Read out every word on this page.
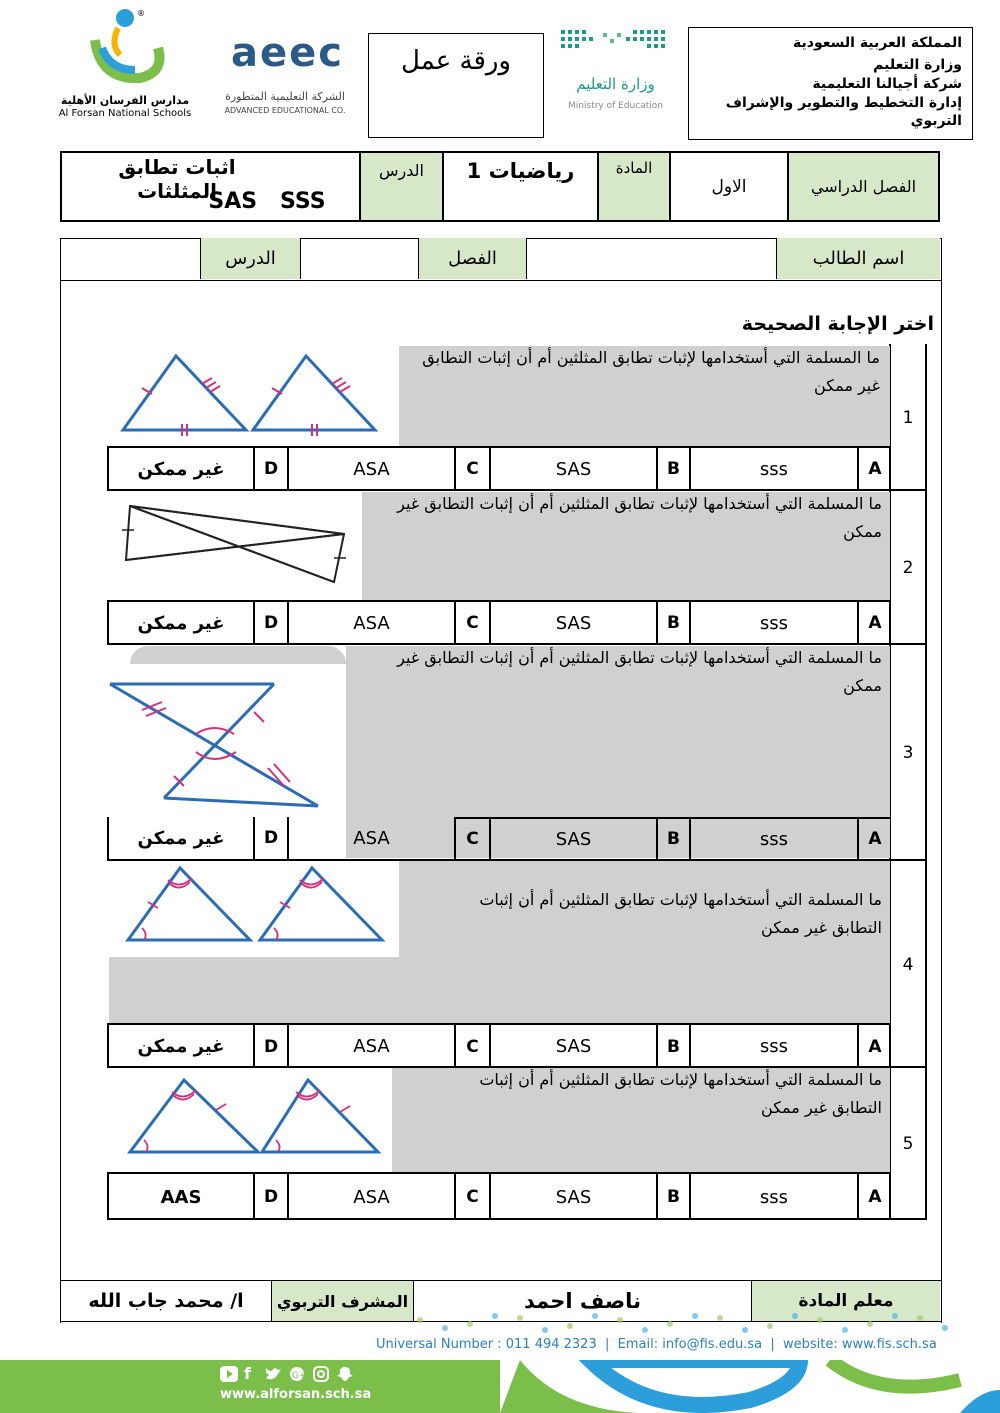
®
مدارس الفرسان الأهلية
Al Forsan National Schools
aeec
الشركة التعليمية المتطورة
ADVANCED EDUCATIONAL CO.
ورقة عمل
وزارة التعليم
Ministry of Education
المملكة العربية السعودية
وزارة التعليم
شركة أجيالنا التعليمية
إدارة التخطيط والتطوير والإشراف التربوي
الفصل الدراسي
الاول
المادة
رياضيات 1
الدرس
اثبات تطابق المثلثات
SAS   SSS
اسم الطالب
الفصل
الدرس
اختر الإجابة الصحيحة
ما المسلمة التي أستخدامها لإثبات تطابق المثلثين أم أن إثبات التطابق غير ممكن
1
ما المسلمة التي أستخدامها لإثبات تطابق المثلثين أم أن إثبات التطابق غير ممكن
2
ما المسلمة التي أستخدامها لإثبات تطابق المثلثين أم أن إثبات التطابق غير ممكن
3
ما المسلمة التي أستخدامها لإثبات تطابق المثلثين أم أن إثبات التطابق غير ممكن
4
ما المسلمة التي أستخدامها لإثبات تطابق المثلثين أم أن إثبات التطابق غير ممكن
5
A
sss
B
SAS
C
ASA
D
غير ممكن
A
sss
B
SAS
C
ASA
D
غير ممكن
A
sss
B
SAS
C
ASA
D
غير ممكن
A
sss
B
SAS
C
ASA
D
غير ممكن
A
sss
B
SAS
C
ASA
D
AAS
معلم المادة
ناصف احمد
المشرف التربوي
ا/ محمد جاب الله
Universal Number : 011 494 2323  |  Email: info@fis.edu.sa  |  website: www.fis.sch.sa
f	G+
www.alforsan.sch.sa
